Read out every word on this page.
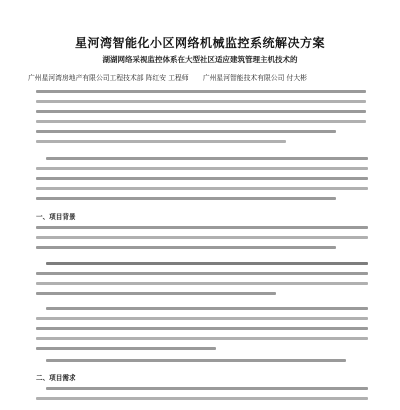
星河湾智能化小区网络机械监控系统解决方案
湖湖网络采视监控体系在大型社区适应建筑管理主机技术的
广州星河湾房地产有限公司工程技术部 阵红安 工程师 广州星河智能技术有限公司 付大彬
一、项目背景
二、项目需求
